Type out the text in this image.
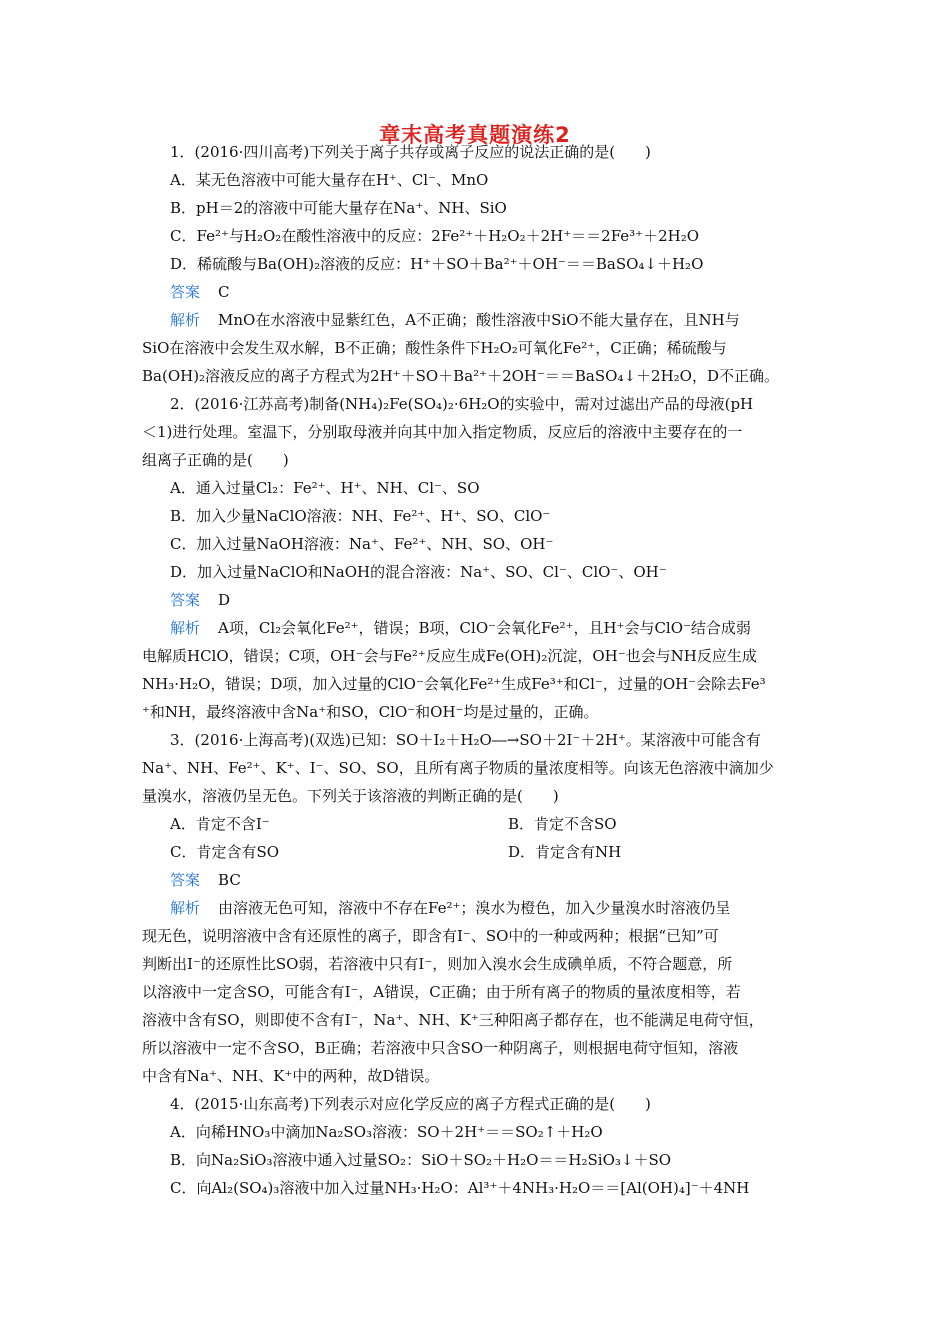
章末高考真题演练2
1．(2016·四川高考)下列关于离子共存或离子反应的说法正确的是(　　)
A．某无色溶液中可能大量存在H⁺、Cl⁻、MnO
B．pH＝2的溶液中可能大量存在Na⁺、NH、SiO
C．Fe²⁺与H₂O₂在酸性溶液中的反应：2Fe²⁺＋H₂O₂＋2H⁺＝＝2Fe³⁺＋2H₂O
D．稀硫酸与Ba(OH)₂溶液的反应：H⁺＋SO＋Ba²⁺＋OH⁻＝＝BaSO₄↓＋H₂O
答案 C
解析 MnO在水溶液中显紫红色，A不正确；酸性溶液中SiO不能大量存在，且NH与
SiO在溶液中会发生双水解，B不正确；酸性条件下H₂O₂可氧化Fe²⁺，C正确；稀硫酸与
Ba(OH)₂溶液反应的离子方程式为2H⁺＋SO＋Ba²⁺＋2OH⁻＝＝BaSO₄↓＋2H₂O，D不正确。
2．(2016·江苏高考)制备(NH₄)₂Fe(SO₄)₂·6H₂O的实验中，需对过滤出产品的母液(pH
＜1)进行处理。室温下，分别取母液并向其中加入指定物质，反应后的溶液中主要存在的一
组离子正确的是(　　)
A．通入过量Cl₂：Fe²⁺、H⁺、NH、Cl⁻、SO
B．加入少量NaClO溶液：NH、Fe²⁺、H⁺、SO、ClO⁻
C．加入过量NaOH溶液：Na⁺、Fe²⁺、NH、SO、OH⁻
D．加入过量NaClO和NaOH的混合溶液：Na⁺、SO、Cl⁻、ClO⁻、OH⁻
答案 D
解析 A项，Cl₂会氧化Fe²⁺，错误；B项，ClO⁻会氧化Fe²⁺，且H⁺会与ClO⁻结合成弱
电解质HClO，错误；C项，OH⁻会与Fe²⁺反应生成Fe(OH)₂沉淀，OH⁻也会与NH反应生成
NH₃·H₂O，错误；D项，加入过量的ClO⁻会氧化Fe²⁺生成Fe³⁺和Cl⁻，过量的OH⁻会除去Fe³
⁺和NH，最终溶液中含Na⁺和SO，ClO⁻和OH⁻均是过量的，正确。
3．(2016·上海高考)(双选)已知：SO＋I₂＋H₂O―→SO＋2I⁻＋2H⁺。某溶液中可能含有
Na⁺、NH、Fe²⁺、K⁺、I⁻、SO、SO，且所有离子物质的量浓度相等。向该无色溶液中滴加少
量溴水，溶液仍呈无色。下列关于该溶液的判断正确的是(　　)
A．肯定不含I⁻	B．肯定不含SO
C．肯定含有SO	D．肯定含有NH
答案 BC
解析 由溶液无色可知，溶液中不存在Fe²⁺；溴水为橙色，加入少量溴水时溶液仍呈
现无色，说明溶液中含有还原性的离子，即含有I⁻、SO中的一种或两种；根据“已知”可
判断出I⁻的还原性比SO弱，若溶液中只有I⁻，则加入溴水会生成碘单质，不符合题意，所
以溶液中一定含SO，可能含有I⁻，A错误，C正确；由于所有离子的物质的量浓度相等，若
溶液中含有SO，则即使不含有I⁻，Na⁺、NH、K⁺三种阳离子都存在，也不能满足电荷守恒，
所以溶液中一定不含SO，B正确；若溶液中只含SO一种阴离子，则根据电荷守恒知，溶液
中含有Na⁺、NH、K⁺中的两种，故D错误。
4．(2015·山东高考)下列表示对应化学反应的离子方程式正确的是(　　)
A．向稀HNO₃中滴加Na₂SO₃溶液：SO＋2H⁺＝＝SO₂↑＋H₂O
B．向Na₂SiO₃溶液中通入过量SO₂：SiO＋SO₂＋H₂O＝＝H₂SiO₃↓＋SO
C．向Al₂(SO₄)₃溶液中加入过量NH₃·H₂O：Al³⁺＋4NH₃·H₂O＝＝[Al(OH)₄]⁻＋4NH
